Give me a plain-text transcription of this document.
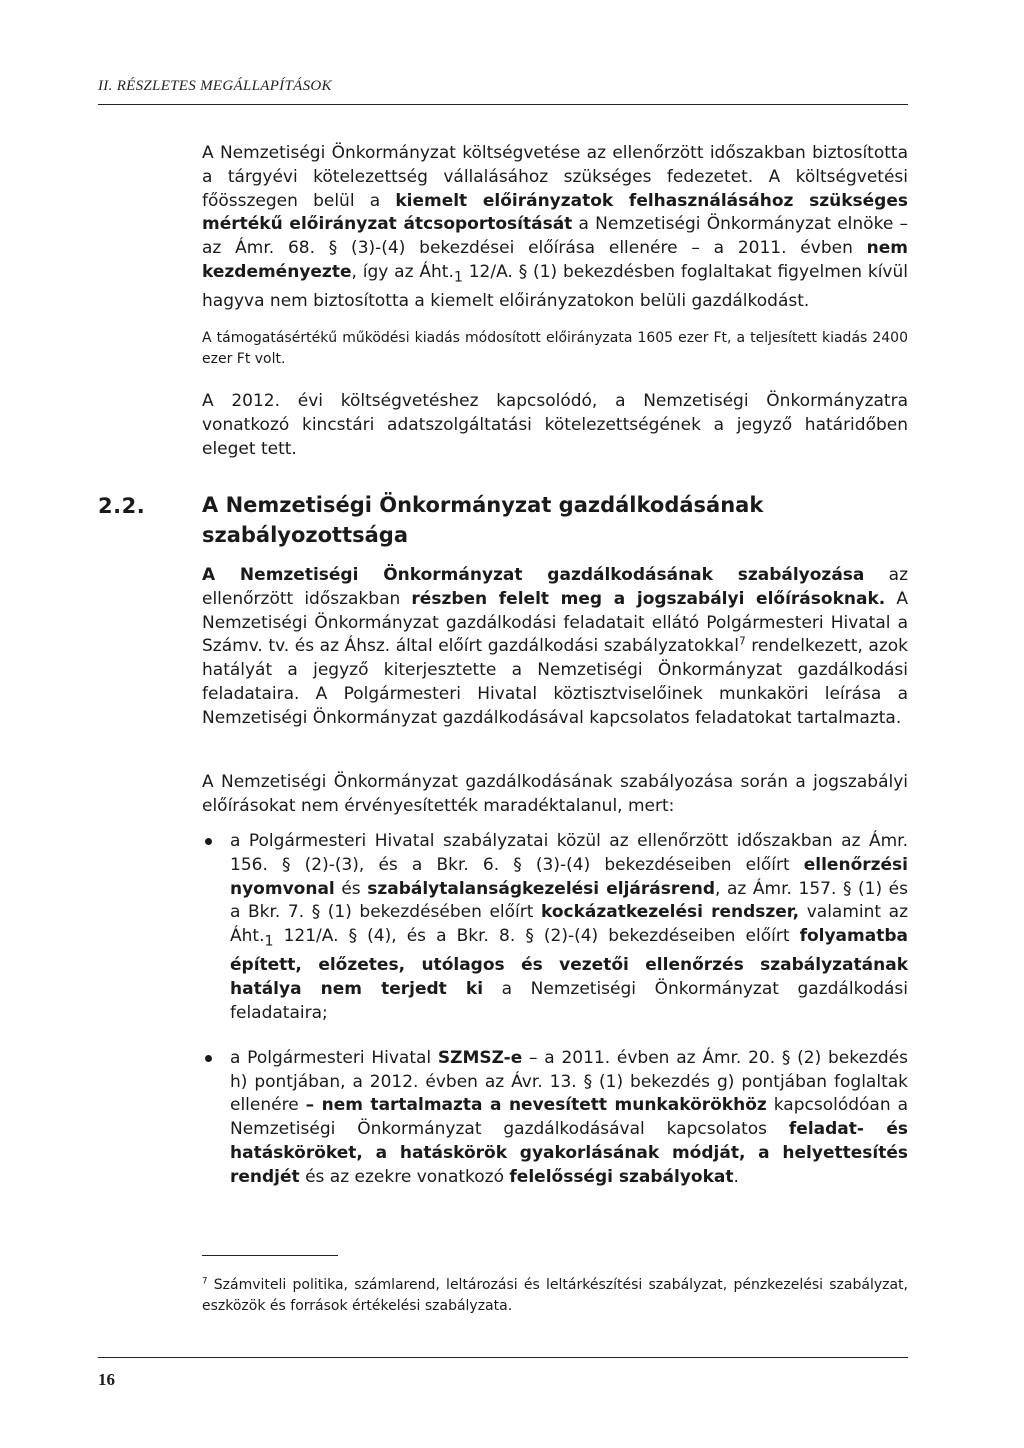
II. RÉSZLETES MEGÁLLAPÍTÁSOK

A Nemzetiségi Önkormányzat költségvetése az ellenőrzött időszakban biztosította a tárgyévi kötelezettség vállalásához szükséges fedezetet. A költségvetési főösszegen belül a kiemelt előirányzatok felhasználásához szükséges mértékű előirányzat átcsoportosítását a Nemzetiségi Önkormányzat elnöke – az Ámr. 68. § (3)-(4) bekezdései előírása ellenére – a 2011. évben nem kezdeményezte, így az $Áht._1$ 12/A. § (1) bekezdésben foglaltakat figyelmen kívül hagyva nem biztosította a kiemelt előirányzatokon belüli gazdálkodást.

A támogatásértékű működési kiadás módosított előirányzata 1605 ezer Ft, a teljesített kiadás 2400 ezer Ft volt.

A 2012. évi költségvetéshez kapcsolódó, a Nemzetiségi Önkormányzatra vonatkozó kincstári adatszolgáltatási kötelezettségének a jegyző határidőben eleget tett.

2.2.	A Nemzetiségi Önkormányzat gazdálkodásának szabályozottsága

A Nemzetiségi Önkormányzat gazdálkodásának szabályozása az ellenőrzött időszakban részben felelt meg a jogszabályi előírásoknak. A Nemzetiségi Önkormányzat gazdálkodási feladatait ellátó Polgármesteri Hivatal a Számv. tv. és az Áhsz. által előírt gazdálkodási szabályzatokkal$^7$ rendelkezett, azok hatályát a jegyző kiterjesztette a Nemzetiségi Önkormányzat gazdálkodási feladataira. A Polgármesteri Hivatal köztisztviselőinek munkaköri leírása a Nemzetiségi Önkormányzat gazdálkodásával kapcsolatos feladatokat tartalmazta.

A Nemzetiségi Önkormányzat gazdálkodásának szabályozása során a jogszabályi előírásokat nem érvényesítették maradéktalanul, mert:

a Polgármesteri Hivatal szabályzatai közül az ellenőrzött időszakban az Ámr. 156. § (2)-(3), és a Bkr. 6. § (3)-(4) bekezdéseiben előírt ellenőrzési nyomvonal és szabálytalanságkezelési eljárásrend, az Ámr. 157. § (1) és a Bkr. 7. § (1) bekezdésében előírt kockázatkezelési rendszer, valamint az $Áht._1$ 121/A. § (4), és a Bkr. 8. § (2)-(4) bekezdéseiben előírt folyamatba épített, előzetes, utólagos és vezetői ellenőrzés szabályzatának hatálya nem terjedt ki a Nemzetiségi Önkormányzat gazdálkodási feladataira;
a Polgármesteri Hivatal SZMSZ-e – a 2011. évben az Ámr. 20. § (2) bekezdés h) pontjában, a 2012. évben az Ávr. 13. § (1) bekezdés g) pontjában foglaltak ellenére – nem tartalmazta a nevesített munkakörökhöz kapcsolódóan a Nemzetiségi Önkormányzat gazdálkodásával kapcsolatos feladat- és hatásköröket, a hatáskörök gyakorlásának módját, a helyettesítés rendjét és az ezekre vonatkozó felelősségi szabályokat.

$^7$ Számviteli politika, számlarend, leltározási és leltárkészítési szabályzat, pénzkezelési szabályzat, eszközök és források értékelési szabályzata.

16
